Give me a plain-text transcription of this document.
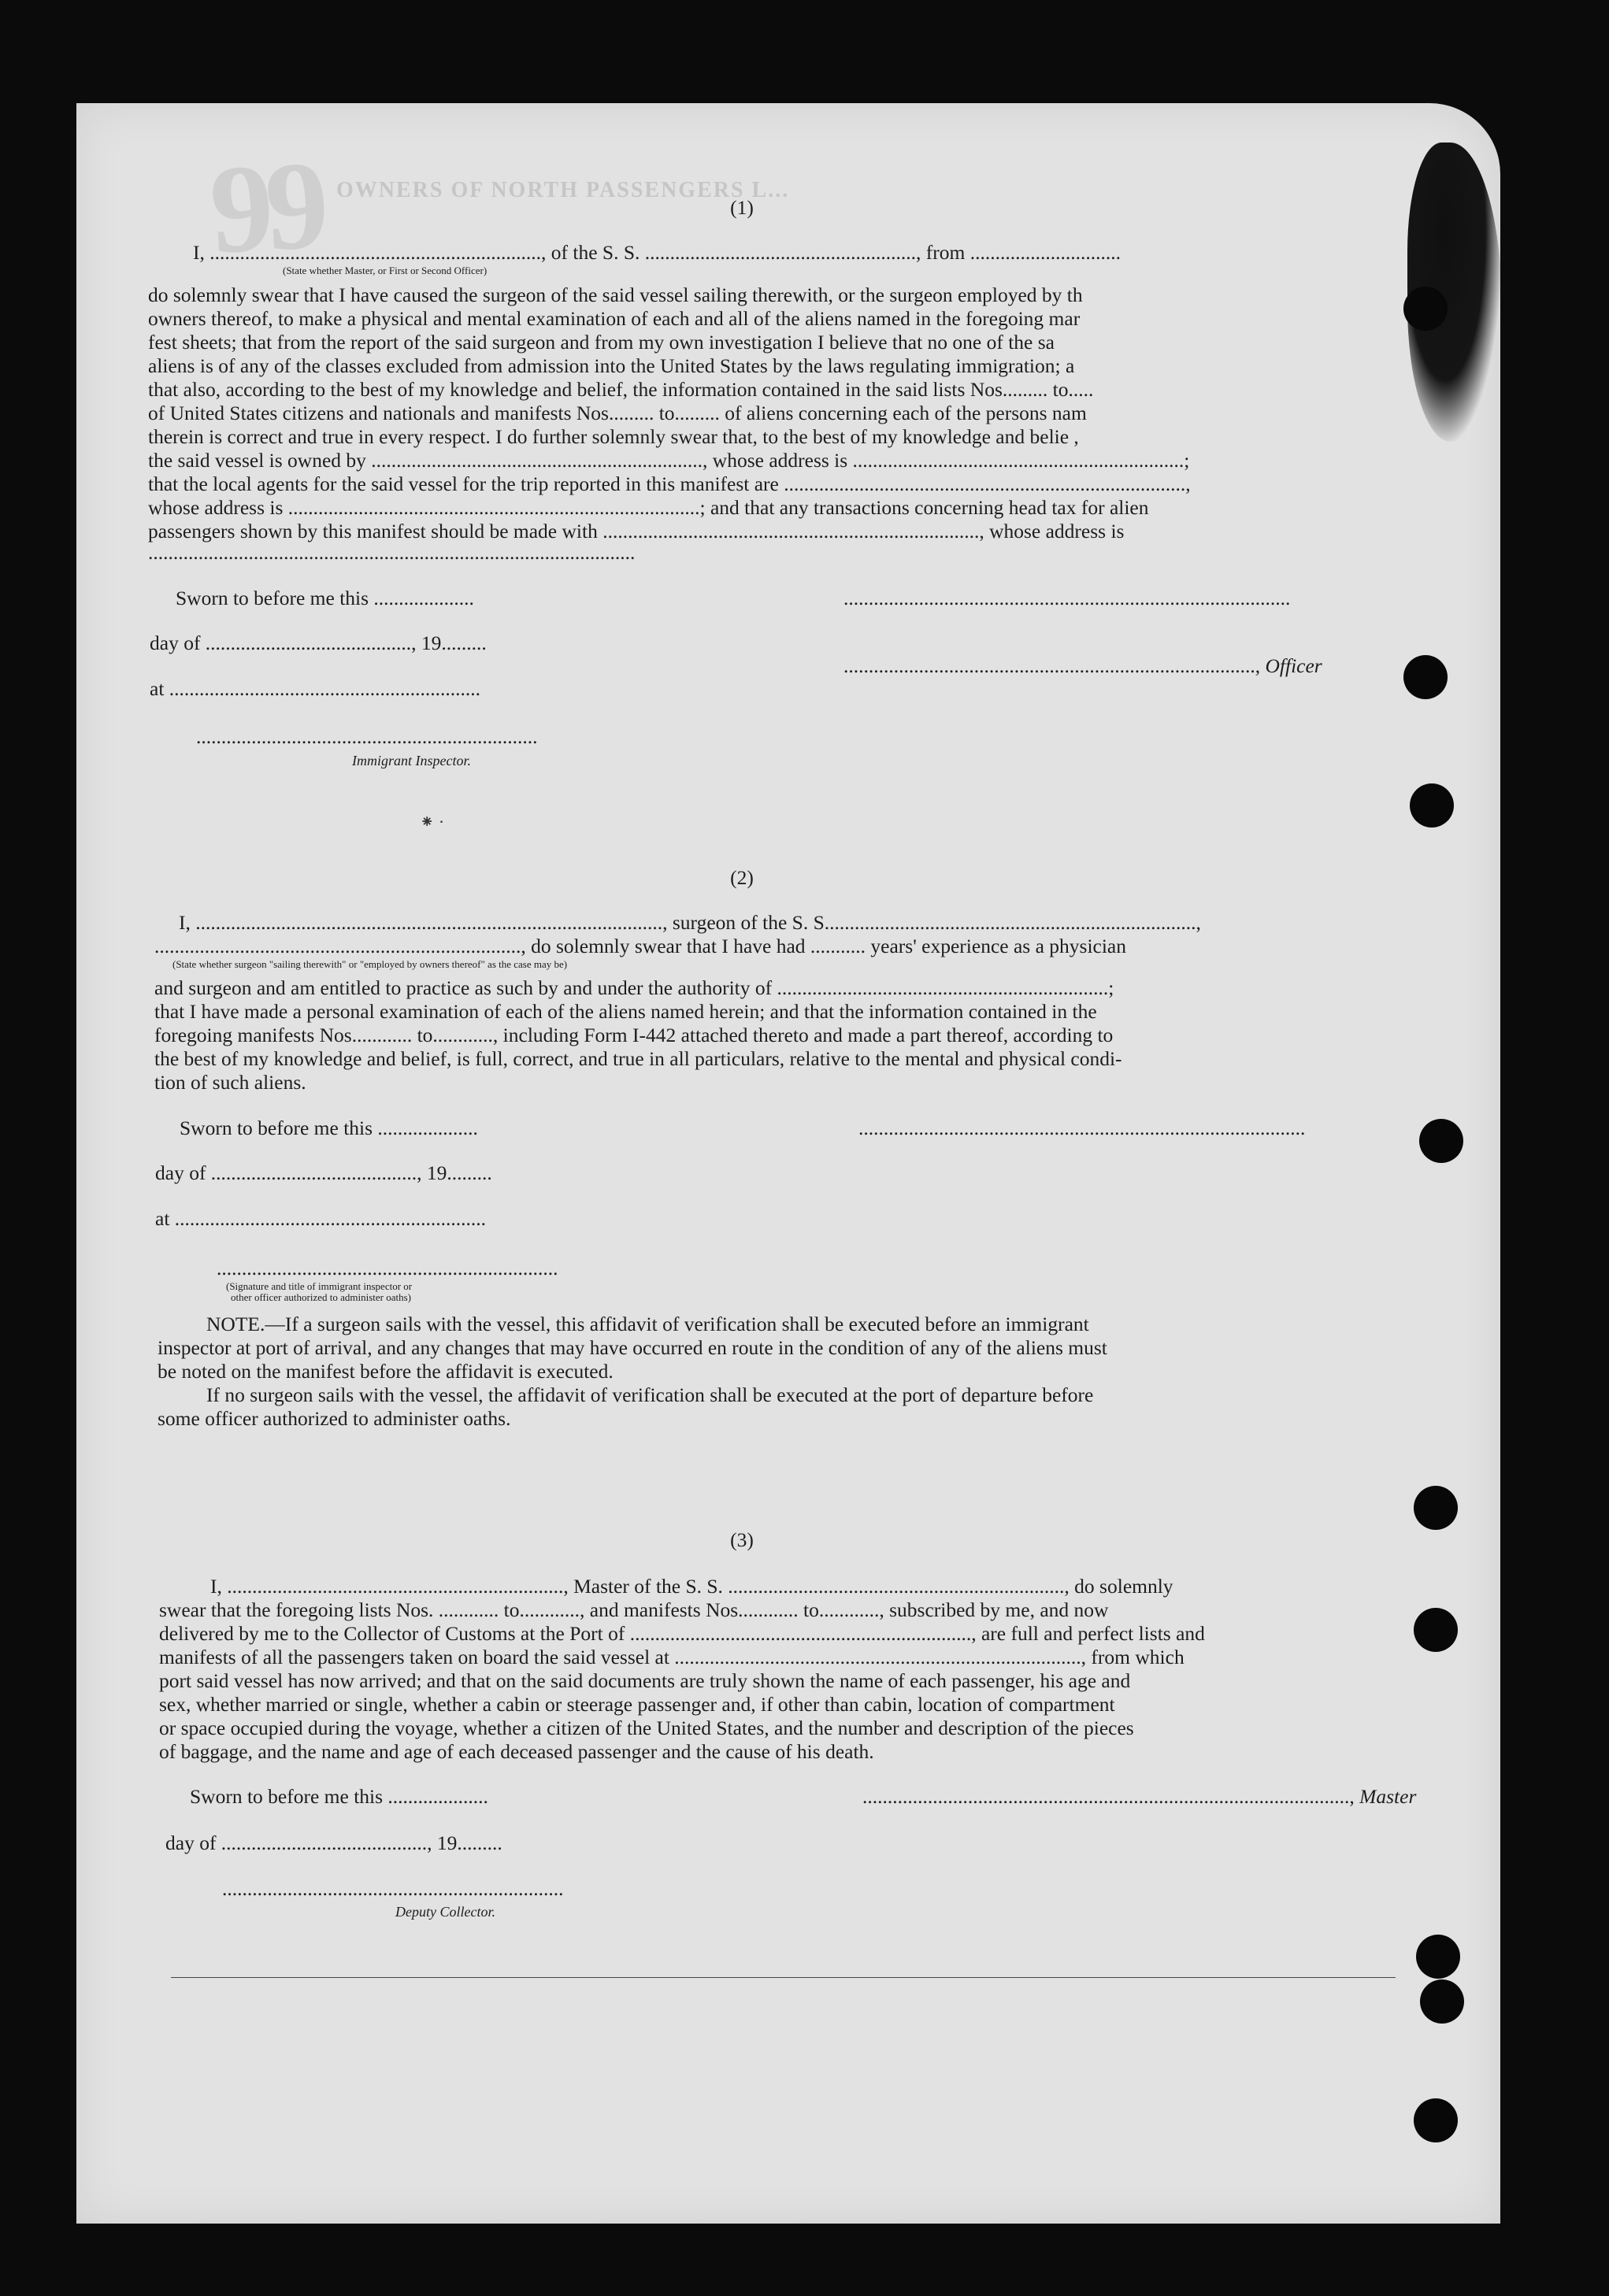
99 OWNERS OF NORTH PASSENGERS L...
(1)
I, .................................................................., of the S. S. ......................................................, from ..............................
(State whether Master, or First or Second Officer)
do solemnly swear that I have caused the surgeon of the said vessel sailing therewith, or the surgeon employed by th
owners thereof, to make a physical and mental examination of each and all of the aliens named in the foregoing mar
fest sheets; that from the report of the said surgeon and from my own investigation I believe that no one of the sa
aliens is of any of the classes excluded from admission into the United States by the laws regulating immigration; a
that also, according to the best of my knowledge and belief, the information contained in the said lists Nos......... to.....
of United States citizens and nationals and manifests Nos......... to......... of aliens concerning each of the persons nam
therein is correct and true in every respect. I do further solemnly swear that, to the best of my knowledge and belie ,
the said vessel is owned by .................................................................., whose address is ..................................................................;
that the local agents for the said vessel for the trip reported in this manifest are ................................................................................,
whose address is ..................................................................................; and that any transactions concerning head tax for alien
passengers shown by this manifest should be made with ..........................................................................., whose address is
.................................................................................................
Sworn to before me this ....................	.........................................................................................
day of ........................................., 19.........
.................................................................................., Officer
at ..............................................................
....................................................................
Immigrant Inspector.
(2)
I, ............................................................................................., surgeon of the S. S..........................................................................,
........................................................................., do solemnly swear that I have had ........... years' experience as a physician
(State whether surgeon "sailing therewith" or "employed by owners thereof" as the case may be)
and surgeon and am entitled to practice as such by and under the authority of ..................................................................;
that I have made a personal examination of each of the aliens named herein; and that the information contained in the
foregoing manifests Nos............ to............, including Form I-442 attached thereto and made a part thereof, according to
the best of my knowledge and belief, is full, correct, and true in all particulars, relative to the mental and physical condi-
tion of such aliens.
Sworn to before me this ....................	.........................................................................................
day of ........................................., 19.........
at ..............................................................
....................................................................
(Signature and title of immigrant inspector or
other officer authorized to administer oaths)
NOTE.—If a surgeon sails with the vessel, this affidavit of verification shall be executed before an immigrant
inspector at port of arrival, and any changes that may have occurred en route in the condition of any of the aliens must
be noted on the manifest before the affidavit is executed.
If no surgeon sails with the vessel, the affidavit of verification shall be executed at the port of departure before
some officer authorized to administer oaths.
(3)
I, ..................................................................., Master of the S. S. ..................................................................., do solemnly
swear that the foregoing lists Nos. ............ to............, and manifests Nos............ to............, subscribed by me, and now
delivered by me to the Collector of Customs at the Port of ...................................................................., are full and perfect lists and
manifests of all the passengers taken on board the said vessel at ................................................................................., from which
port said vessel has now arrived; and that on the said documents are truly shown the name of each passenger, his age and
sex, whether married or single, whether a cabin or steerage passenger and, if other than cabin, location of compartment
or space occupied during the voyage, whether a citizen of the United States, and the number and description of the pieces
of baggage, and the name and age of each deceased passenger and the cause of his death.
Sworn to before me this ....................	................................................................................................., Master
day of ........................................., 19.........
....................................................................
Deputy Collector.
⁕ ·
